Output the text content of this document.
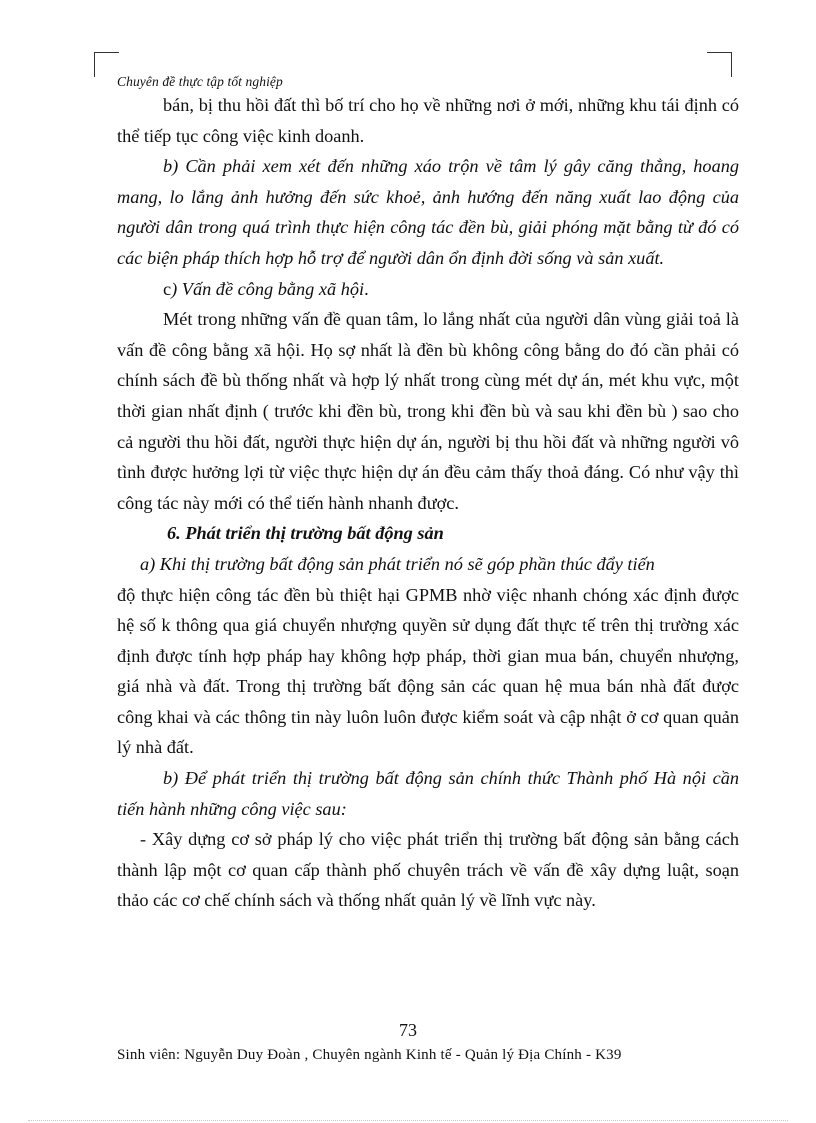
Chuyên đề thực tập tốt nghiệp

bán, bị thu hồi đất thì bố trí cho họ về những nơi ở mới, những khu tái định có thể tiếp tục công việc kinh doanh.

b) Cần phải xem xét đến những xáo trộn về tâm lý gây căng thẳng, hoang mang, lo lắng ảnh hưởng đến sức khoẻ, ảnh hướng đến năng xuất lao động của người dân trong quá trình thực hiện công tác đền bù, giải phóng mặt bằng từ đó có các biện pháp thích hợp hỗ trợ để người dân ổn định đời sống và sản xuất.

c) Vấn đề công bằng xã hội.

Mét trong những vấn đề quan tâm, lo lắng nhất của người dân vùng giải toả là vấn đề công bằng xã hội. Họ sợ nhất là đền bù không công bằng do đó cần phải có chính sách đề bù thống nhất và hợp lý nhất trong cùng mét dự án, mét khu vực, một thời gian nhất định ( trước khi đền bù, trong khi đền bù và sau khi đền bù ) sao cho cả người thu hồi đất, người thực hiện dự án, người bị thu hồi đất và những người vô tình được hưởng lợi từ việc thực hiện dự án đều cảm thấy thoả đáng. Có như vậy thì công tác này mới có thể tiến hành nhanh được.

6. Phát triển thị trường bất động sản

a) Khi thị trường bất động sản phát triển nó sẽ góp phần thúc đẩy tiến

độ thực hiện công tác đền bù thiệt hại GPMB nhờ việc nhanh chóng xác định được hệ số k thông qua giá chuyển nhượng quyền sử dụng đất thực tế trên thị trường xác định được tính hợp pháp hay không hợp pháp, thời gian mua bán, chuyển nhượng, giá nhà và đất. Trong thị trường bất động sản các quan hệ mua bán nhà đất được công khai và các thông tin này luôn luôn được kiểm soát và cập nhật ở cơ quan quản lý nhà đất.

b) Để phát triển thị trường bất động sản chính thức Thành phố Hà nội cần tiến hành những công việc sau:

- Xây dựng cơ sở pháp lý cho việc phát triển thị trường bất động sản bằng cách thành lập một cơ quan cấp thành phố chuyên trách về vấn đề xây dựng luật, soạn thảo các cơ chế chính sách và thống nhất quản lý về lĩnh vực này.

73
Sinh viên: Nguyễn Duy Đoàn , Chuyên ngành Kinh tế - Quản lý Địa Chính - K39
